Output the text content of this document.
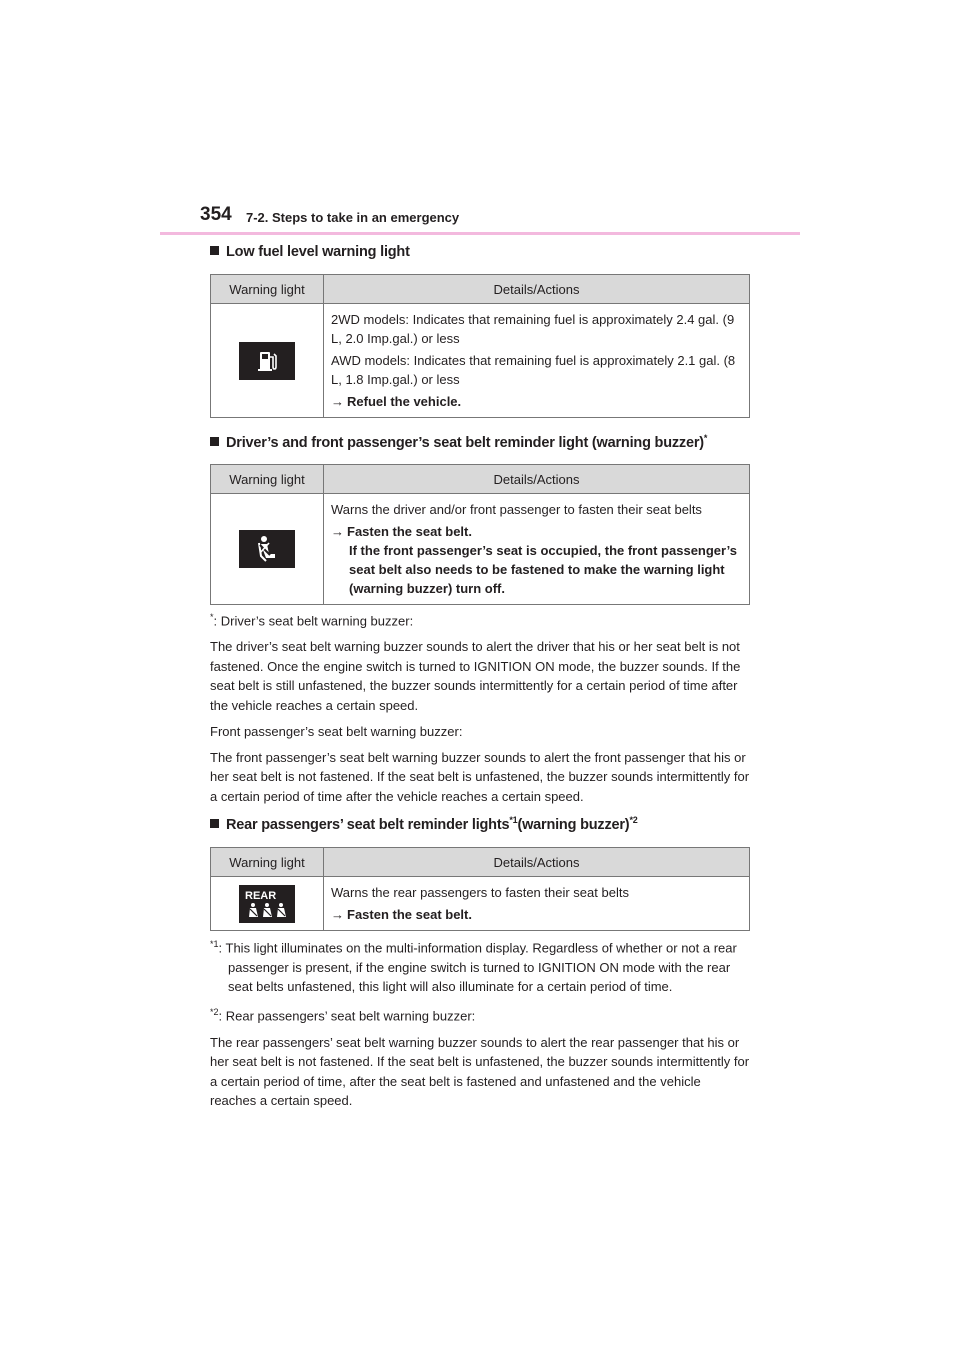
354 7-2. Steps to take in an emergency
Low fuel level warning light
Warning light	Details/Actions

2WD models: Indicates that remaining fuel is approximately 2.4 gal. (9 L, 2.0 Imp.gal.) or less

AWD models: Indicates that remaining fuel is approximately 2.1 gal. (8 L, 1.8 Imp.gal.) or less

→ Refuel the vehicle.
Driver’s and front passenger’s seat belt reminder light (warning buzzer)*
Warning light	Details/Actions

Warns the driver and/or front passenger to fasten their seat belts

→ Fasten the seat belt.
If the front passenger’s seat is occupied, the front passenger’s seat belt also needs to be fastened to make the warning light (warning buzzer) turn off.

*: Driver’s seat belt warning buzzer:

The driver’s seat belt warning buzzer sounds to alert the driver that his or her seat belt is not fastened. Once the engine switch is turned to IGNITION ON mode, the buzzer sounds. If the seat belt is still unfastened, the buzzer sounds intermittently for a certain period of time after the vehicle reaches a certain speed.

Front passenger’s seat belt warning buzzer:

The front passenger’s seat belt warning buzzer sounds to alert the front passenger that his or her seat belt is not fastened. If the seat belt is unfastened, the buzzer sounds intermittently for a certain period of time after the vehicle reaches a certain speed.

Rear passengers’ seat belt reminder lights$^{*1}$(warning buzzer)$^{*2}$
Warning light	Details/Actions

REAR	Warns the rear passengers to fasten their seat belts

→ Fasten the seat belt.

$^{*1}$: This light illuminates on the multi-information display. Regardless of whether or not a rear passenger is present, if the engine switch is turned to IGNITION ON mode with the rear seat belts unfastened, this light will also illuminate for a certain period of time.

$^{*2}$: Rear passengers’ seat belt warning buzzer:

The rear passengers’ seat belt warning buzzer sounds to alert the rear passenger that his or her seat belt is not fastened. If the seat belt is unfastened, the buzzer sounds intermittently for a certain period of time, after the seat belt is fastened and unfastened and the vehicle reaches a certain speed.
